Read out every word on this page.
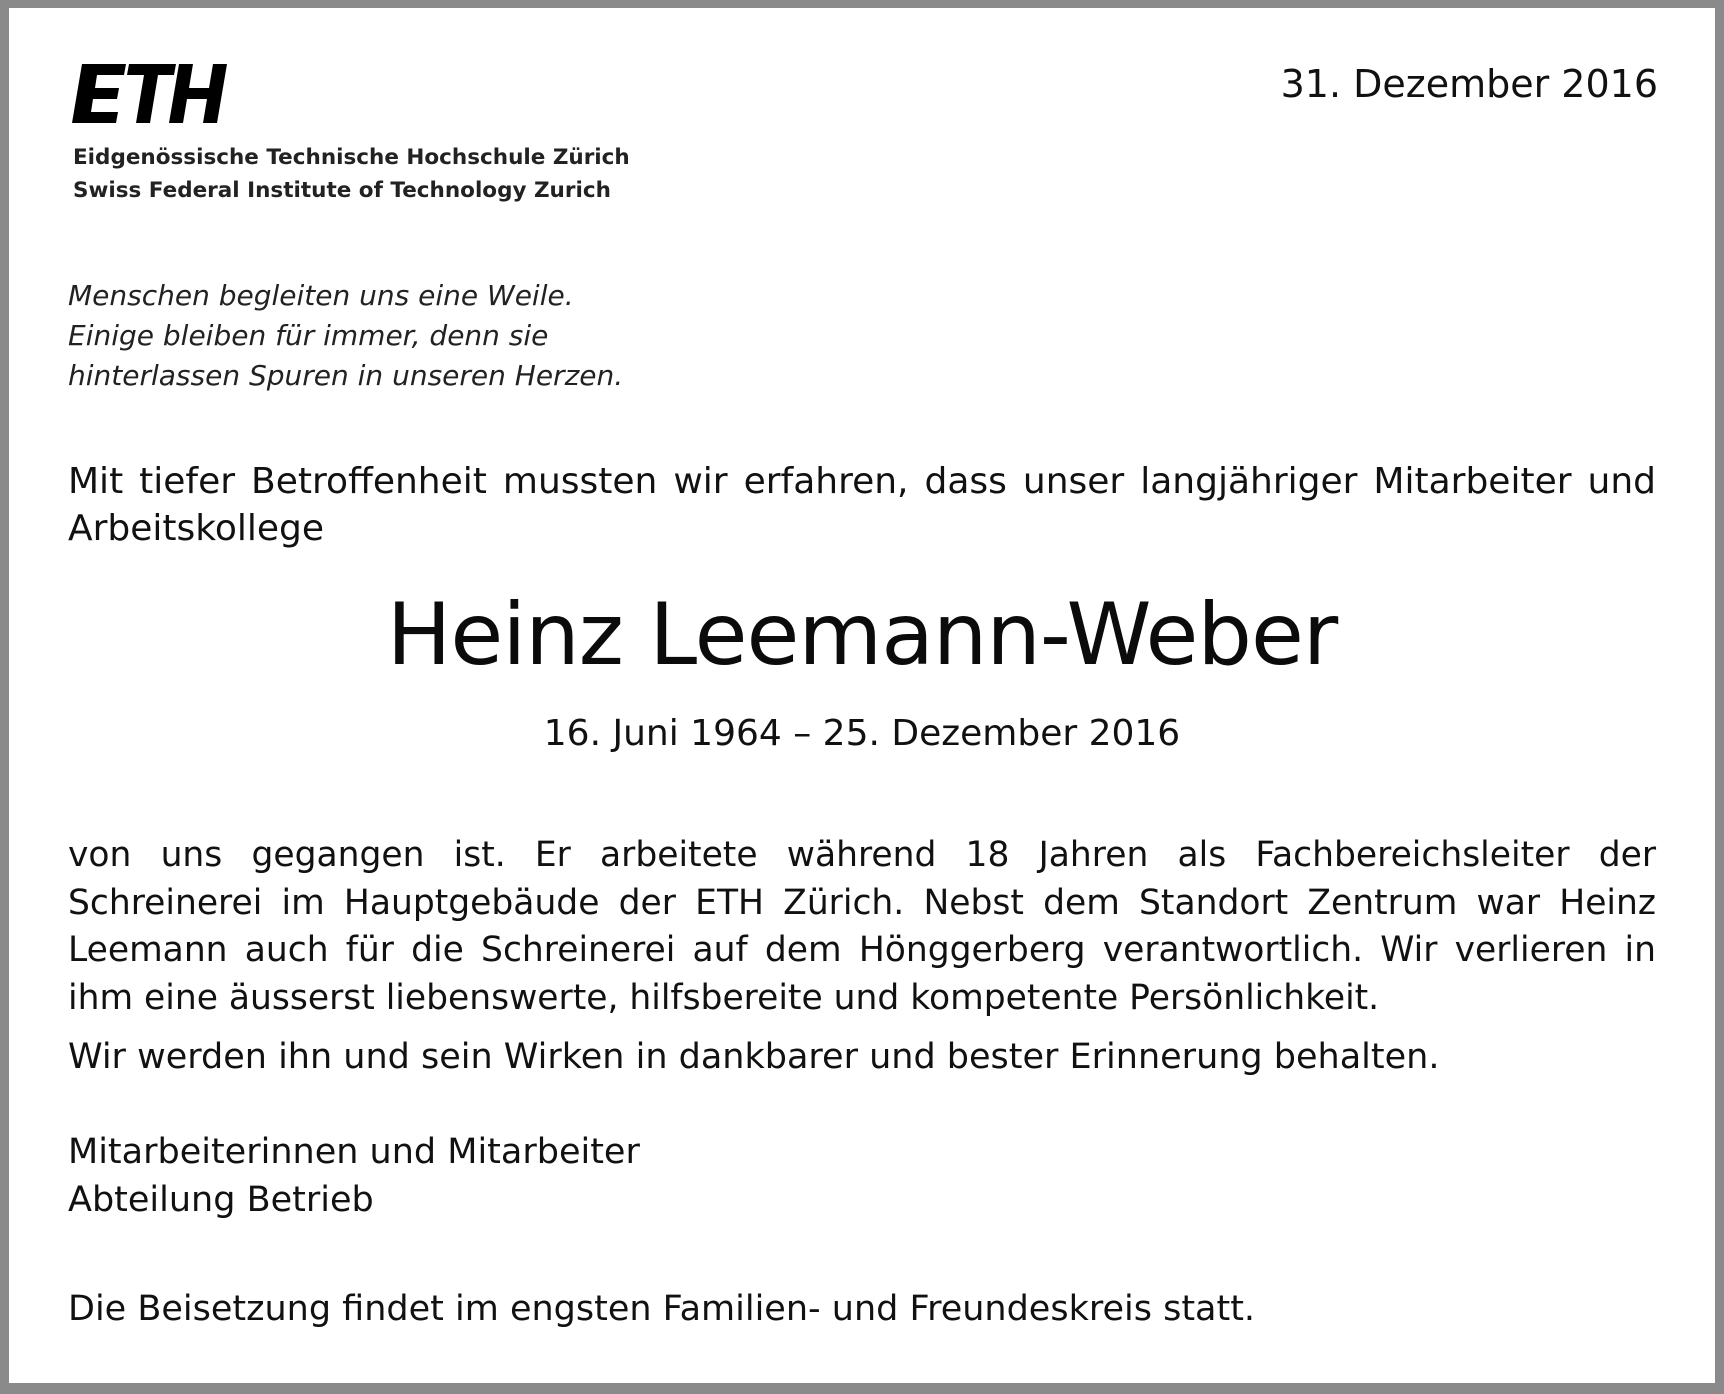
Eidgenössische Technische Hochschule Zürich
Swiss Federal Institute of Technology Zurich
31. Dezember 2016
Menschen begleiten uns eine Weile.
Einige bleiben für immer, denn sie
hinterlassen Spuren in unseren Herzen.
Mit tiefer Betroffenheit mussten wir erfahren, dass unser langjähriger Mitarbeiter und Arbeitskollege
Heinz Leemann-Weber
16. Juni 1964 – 25. Dezember 2016
von uns gegangen ist. Er arbeitete während 18 Jahren als Fachbereichsleiter der Schreinerei im Hauptgebäude der ETH Zürich. Nebst dem Standort Zentrum war Heinz Leemann auch für die Schreinerei auf dem Hönggerberg verantwortlich. Wir verlieren in ihm eine äusserst liebenswerte, hilfsbereite und kompetente Persönlichkeit.
Wir werden ihn und sein Wirken in dankbarer und bester Erinnerung behalten.
Mitarbeiterinnen und Mitarbeiter
Abteilung Betrieb
Die Beisetzung findet im engsten Familien- und Freundeskreis statt.
